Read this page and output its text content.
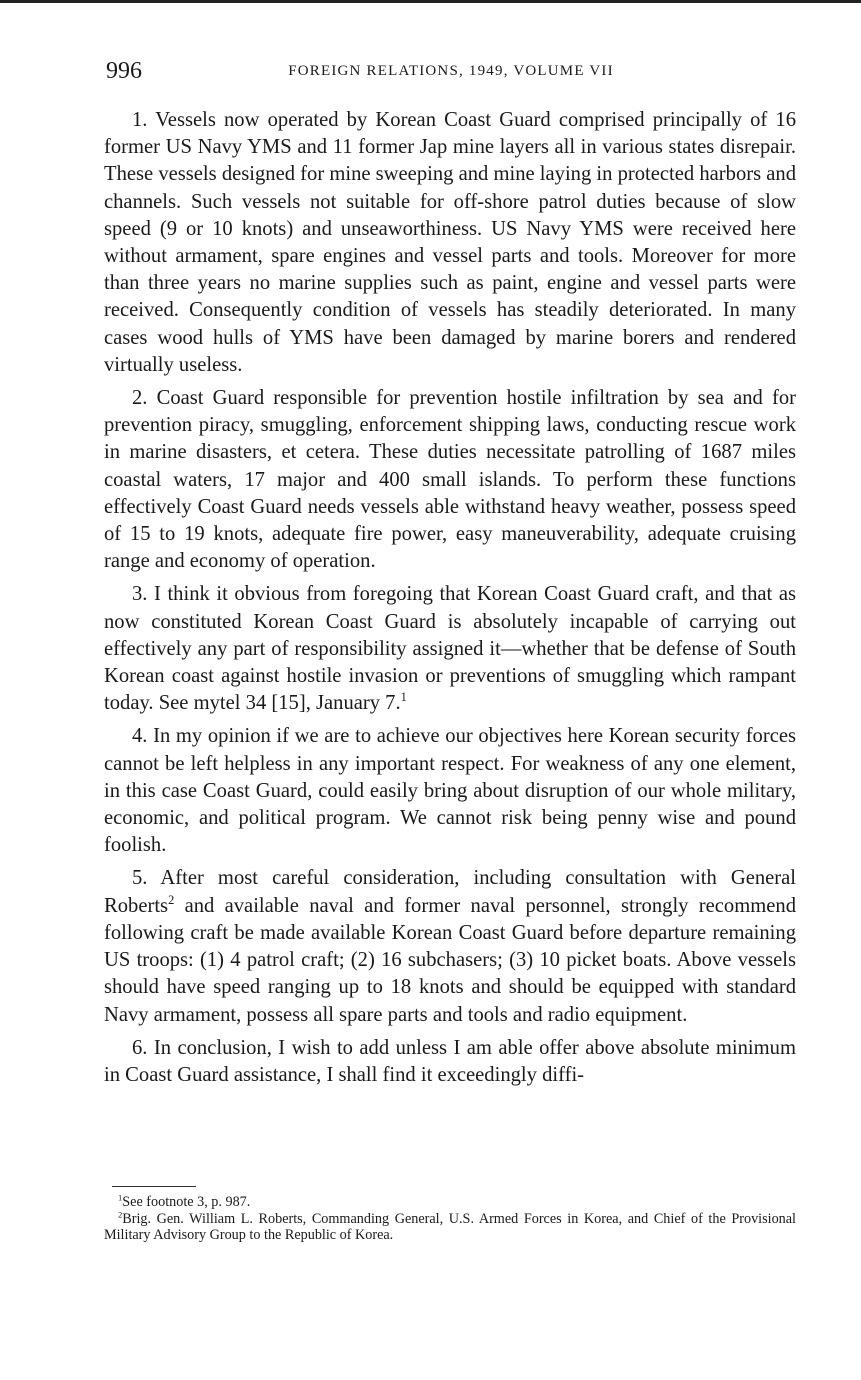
996	FOREIGN RELATIONS, 1949, VOLUME VII

1. Vessels now operated by Korean Coast Guard comprised principally of 16 former US Navy YMS and 11 former Jap mine layers all in various states disrepair. These vessels designed for mine sweeping and mine laying in protected harbors and channels. Such vessels not suitable for off-shore patrol duties because of slow speed (9 or 10 knots) and unseaworthiness. US Navy YMS were received here without armament, spare engines and vessel parts and tools. Moreover for more than three years no marine supplies such as paint, engine and vessel parts were received. Consequently condition of vessels has steadily deteriorated. In many cases wood hulls of YMS have been damaged by marine borers and rendered virtually useless.

2. Coast Guard responsible for prevention hostile infiltration by sea and for prevention piracy, smuggling, enforcement shipping laws, conducting rescue work in marine disasters, et cetera. These duties necessitate patrolling of 1687 miles coastal waters, 17 major and 400 small islands. To perform these functions effectively Coast Guard needs vessels able withstand heavy weather, possess speed of 15 to 19 knots, adequate fire power, easy maneuverability, adequate cruising range and economy of operation.

3. I think it obvious from foregoing that Korean Coast Guard craft, and that as now constituted Korean Coast Guard is absolutely incapable of carrying out effectively any part of responsibility assigned it—whether that be defense of South Korean coast against hostile invasion or preventions of smuggling which rampant today. See mytel 34 [15], January 7.$^1$

4. In my opinion if we are to achieve our objectives here Korean security forces cannot be left helpless in any important respect. For weakness of any one element, in this case Coast Guard, could easily bring about disruption of our whole military, economic, and political program. We cannot risk being penny wise and pound foolish.

5. After most careful consideration, including consultation with General Roberts$^2$ and available naval and former naval personnel, strongly recommend following craft be made available Korean Coast Guard before departure remaining US troops: (1) 4 patrol craft; (2) 16 subchasers; (3) 10 picket boats. Above vessels should have speed ranging up to 18 knots and should be equipped with standard Navy armament, possess all spare parts and tools and radio equipment.

6. In conclusion, I wish to add unless I am able offer above absolute minimum in Coast Guard assistance, I shall find it exceedingly diffi-

$^1$See footnote 3, p. 987.

$^2$Brig. Gen. William L. Roberts, Commanding General, U.S. Armed Forces in Korea, and Chief of the Provisional Military Advisory Group to the Republic of Korea.
